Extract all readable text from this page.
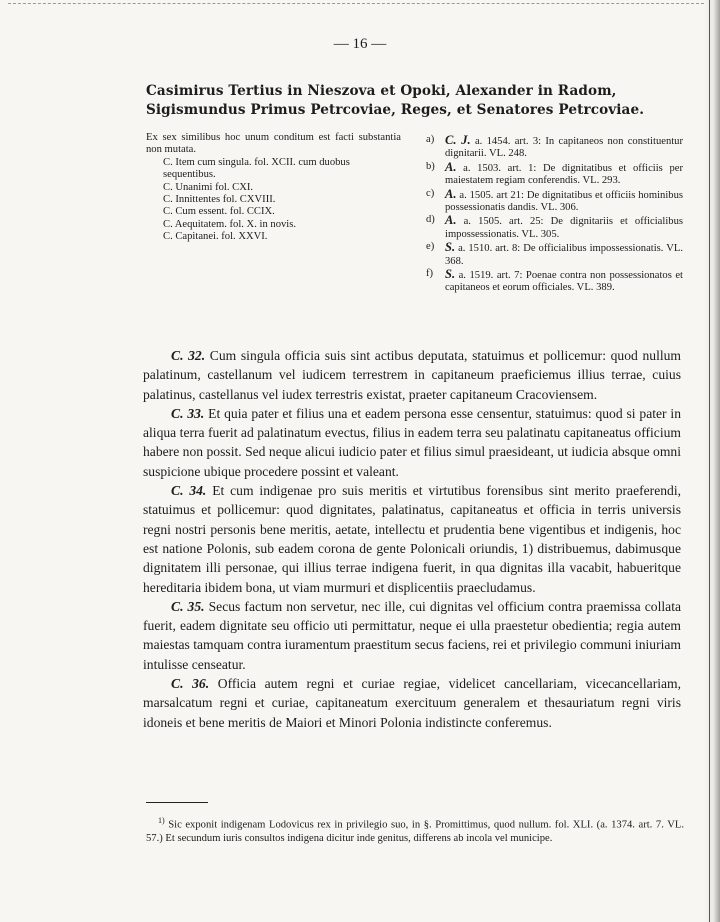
— 16 —
Casimirus Tertius in Nieszova et Opoki, Alexander in Radom,
Sigismundus Primus Petrcoviae, Reges, et Senatores Petrcoviae.
Ex sex similibus hoc unum conditum est facti substantia non mutata.
C. Item cum singula. fol. XCII. cum duobus
sequentibus.
C. Unanimi fol. CXI.
C. Innittentes fol. CXVIII.
C. Cum essent. fol. CCIX.
C. Aequitatem. fol. X. in novis.
C. Capitanei. fol. XXVI.
a) C. J. a. 1454. art. 3: In capitaneos non constituentur dignitarii. VL. 248.
b) A. a. 1503. art. 1: De dignitatibus et officiis per maiestatem regiam conferendis. VL. 293.
c) A. a. 1505. art 21: De dignitatibus et officiis hominibus possessionatis dandis. VL. 306.
d) A. a. 1505. art. 25: De dignitariis et officialibus impossessionatis. VL. 305.
e) S. a. 1510. art. 8: De officialibus impossessionatis. VL. 368.
f) S. a. 1519. art. 7: Poenae contra non possessionatos et capitaneos et eorum officiales. VL. 389.

C. 32. Cum singula officia suis sint actibus deputata, statuimus et pollicemur: quod nullum palatinum, castellanum vel iudicem terrestrem in capitaneum praeficiemus illius terrae, cuius palatinus, castellanus vel iudex terrestris existat, praeter capitaneum Cracoviensem.

C. 33. Et quia pater et filius una et eadem persona esse censentur, statuimus: quod si pater in aliqua terra fuerit ad palatinatum evectus, filius in eadem terra seu palatinatu capitaneatus officium habere non possit. Sed neque alicui iudicio pater et filius simul praesideant, ut iudicia absque omni suspicione ubique procedere possint et valeant.

C. 34. Et cum indigenae pro suis meritis et virtutibus forensibus sint merito praeferendi, statuimus et pollicemur: quod dignitates, palatinatus, capitaneatus et officia in terris universis regni nostri personis bene meritis, aetate, intellectu et prudentia bene vigentibus et indigenis, hoc est natione Polonis, sub eadem corona de gente Polonicali oriundis, 1) distribuemus, dabimusque dignitatem illi personae, qui illius terrae indigena fuerit, in qua dignitas illa vacabit, habueritque hereditaria ibidem bona, ut viam murmuri et displicentiis praecludamus.

C. 35. Secus factum non servetur, nec ille, cui dignitas vel officium contra praemissa collata fuerit, eadem dignitate seu officio uti permittatur, neque ei ulla praestetur obedientia; regia autem maiestas tamquam contra iuramentum praestitum secus faciens, rei et privilegio communi iniuriam intulisse censeatur.

C. 36. Officia autem regni et curiae regiae, videlicet cancellariam, vicecancellariam, marsalcatum regni et curiae, capitaneatum exercituum generalem et thesauriatum regni viris idoneis et bene meritis de Maiori et Minori Polonia indistincte conferemus.

$^{1)}$ Sic exponit indigenam Lodovicus rex in privilegio suo, in §. Promittimus, quod nullum. fol. XLI. (a. 1374. art. 7. VL. 57.) Et secundum iuris consultos indigena dicitur inde genitus, differens ab incola vel municipe.
